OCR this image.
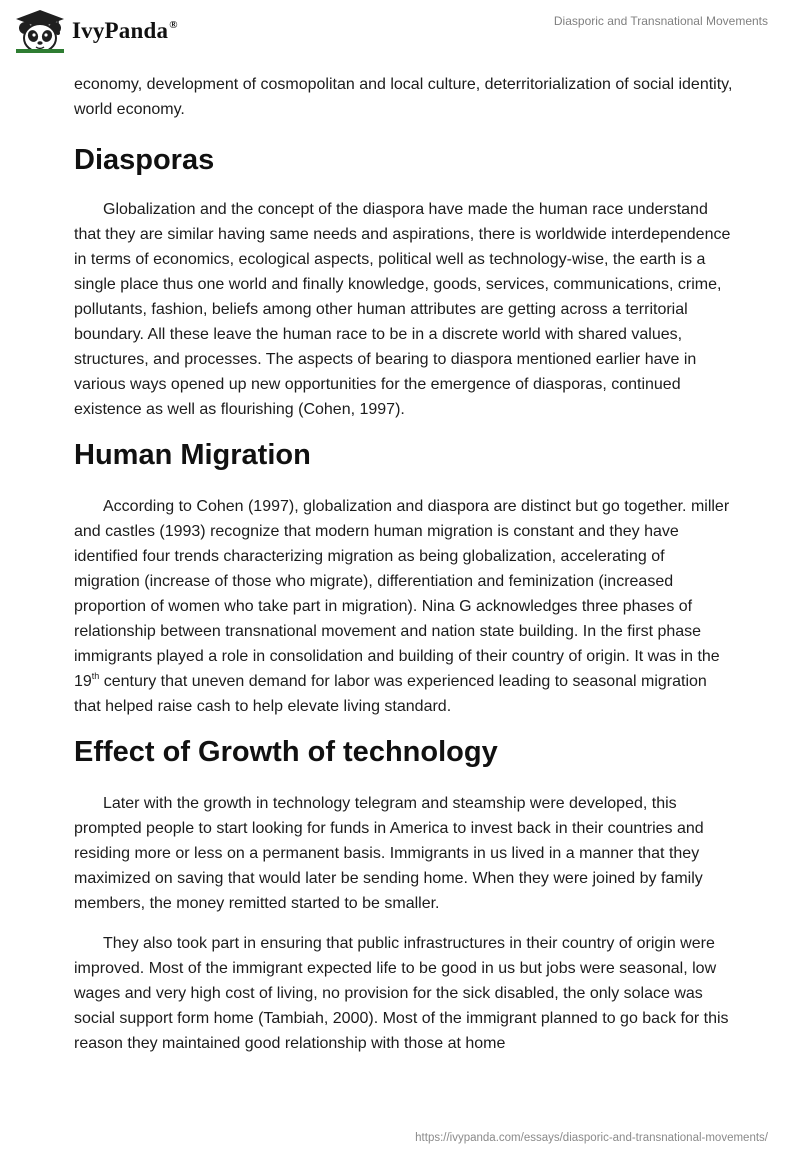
IvyPanda®	Diasporic and Transnational Movements

economy, development of cosmopolitan and local culture, deterritorialization of social identity, world economy.

Diasporas

Globalization and the concept of the diaspora have made the human race understand that they are similar having same needs and aspirations, there is worldwide interdependence in terms of economics, ecological aspects, political well as technology-wise, the earth is a single place thus one world and finally knowledge, goods, services, communications, crime, pollutants, fashion, beliefs among other human attributes are getting across a territorial boundary. All these leave the human race to be in a discrete world with shared values, structures, and processes. The aspects of bearing to diaspora mentioned earlier have in various ways opened up new opportunities for the emergence of diasporas, continued existence as well as flourishing (Cohen, 1997).

Human Migration

According to Cohen (1997), globalization and diaspora are distinct but go together. miller and castles (1993) recognize that modern human migration is constant and they have identified four trends characterizing migration as being globalization, accelerating of migration (increase of those who migrate), differentiation and feminization (increased proportion of women who take part in migration). Nina G acknowledges three phases of relationship between transnational movement and nation state building. In the first phase immigrants played a role in consolidation and building of their country of origin. It was in the 19th century that uneven demand for labor was experienced leading to seasonal migration that helped raise cash to help elevate living standard.

Effect of Growth of technology

Later with the growth in technology telegram and steamship were developed, this prompted people to start looking for funds in America to invest back in their countries and residing more or less on a permanent basis. Immigrants in us lived in a manner that they maximized on saving that would later be sending home. When they were joined by family members, the money remitted started to be smaller.

They also took part in ensuring that public infrastructures in their country of origin were improved. Most of the immigrant expected life to be good in us but jobs were seasonal, low wages and very high cost of living, no provision for the sick disabled, the only solace was social support form home (Tambiah, 2000). Most of the immigrant planned to go back for this reason they maintained good relationship with those at home

https://ivypanda.com/essays/diasporic-and-transnational-movements/
